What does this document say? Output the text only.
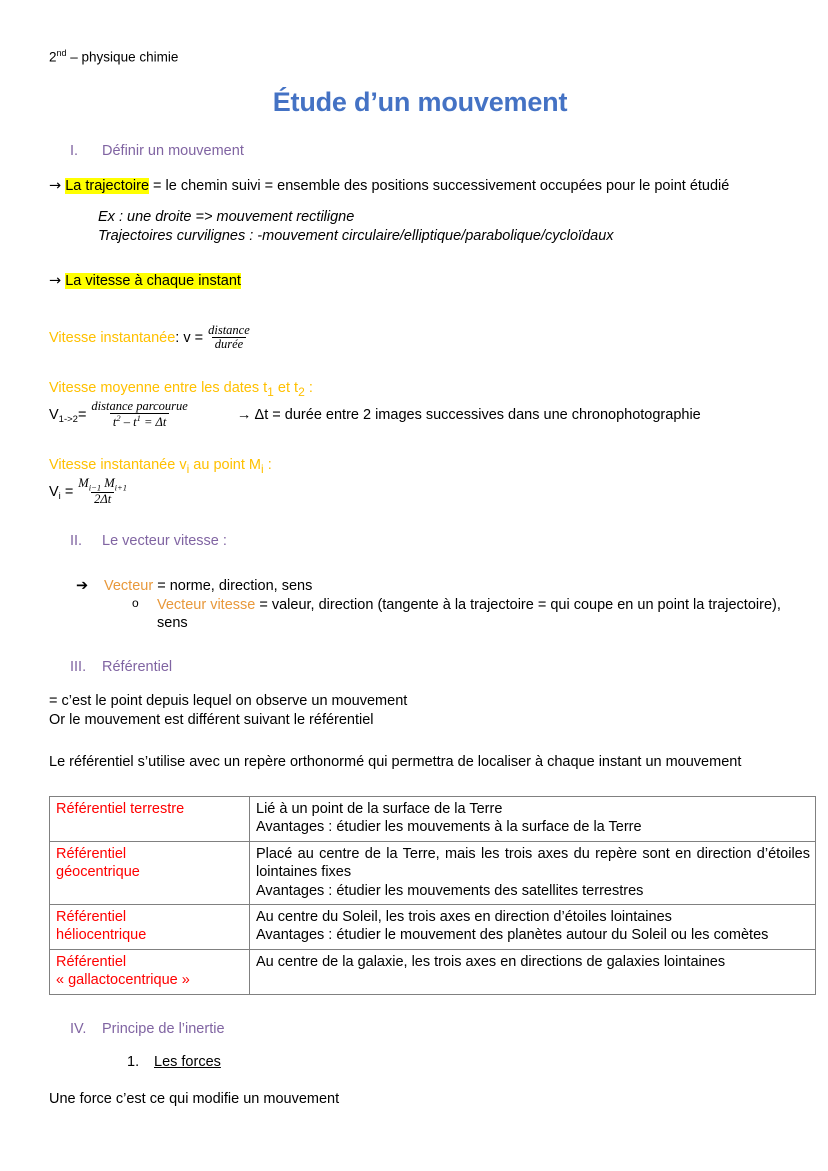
2nd – physique chimie
Étude d’un mouvement
I.	Définir un mouvement

→ La trajectoire = le chemin suivi = ensemble des positions successivement occupées pour le point étudié

Ex : une droite => mouvement rectiligne

Trajectoires curvilignes : -mouvement circulaire/elliptique/parabolique/cycloïdaux

→ La vitesse à chaque instant

Vitesse instantanée : $v = \frac{\text{distance}}{\text{durée}}$
Vitesse moyenne entre les dates $t_1$ et $t_2$ :
$V_{1->2}= \frac{\text{distance parcourue}}{t^2 - t^1 = \Delta t}$	→ Δt = durée entre 2 images successives dans une chronophotographie
Vitesse instantanée $v_i$ au point $M_i$ :
$V_i = \frac{M_{i-1} M_{i+1}}{2\Delta t}$
II.	Le vecteur vitesse :
➔	Vecteur = norme, direction, sens
o	Vecteur vitesse = valeur, direction (tangente à la trajectoire = qui coupe en un point la trajectoire), sens
III.	Référentiel

= c’est le point depuis lequel on observe un mouvement

Or le mouvement est différent suivant le référentiel

Le référentiel s’utilise avec un repère orthonormé qui permettra de localiser à chaque instant un mouvement

Référentiel terrestre	Lié à un point de la surface de la Terre
Avantages : étudier les mouvements à la surface de la Terre

Référentiel
géocentrique	Placé au centre de la Terre, mais les trois axes du repère sont en direction d’étoiles lointaines fixes
Avantages : étudier les mouvements des satellites terrestres

Référentiel
héliocentrique	Au centre du Soleil, les trois axes en direction d’étoiles lointaines
Avantages : étudier le mouvement des planètes autour du Soleil ou les comètes

Référentiel
« gallactocentrique »	Au centre de la galaxie, les trois axes en directions de galaxies lointaines
IV.	Principe de l’inertie
1.	Les forces

Une force c’est ce qui modifie un mouvement
